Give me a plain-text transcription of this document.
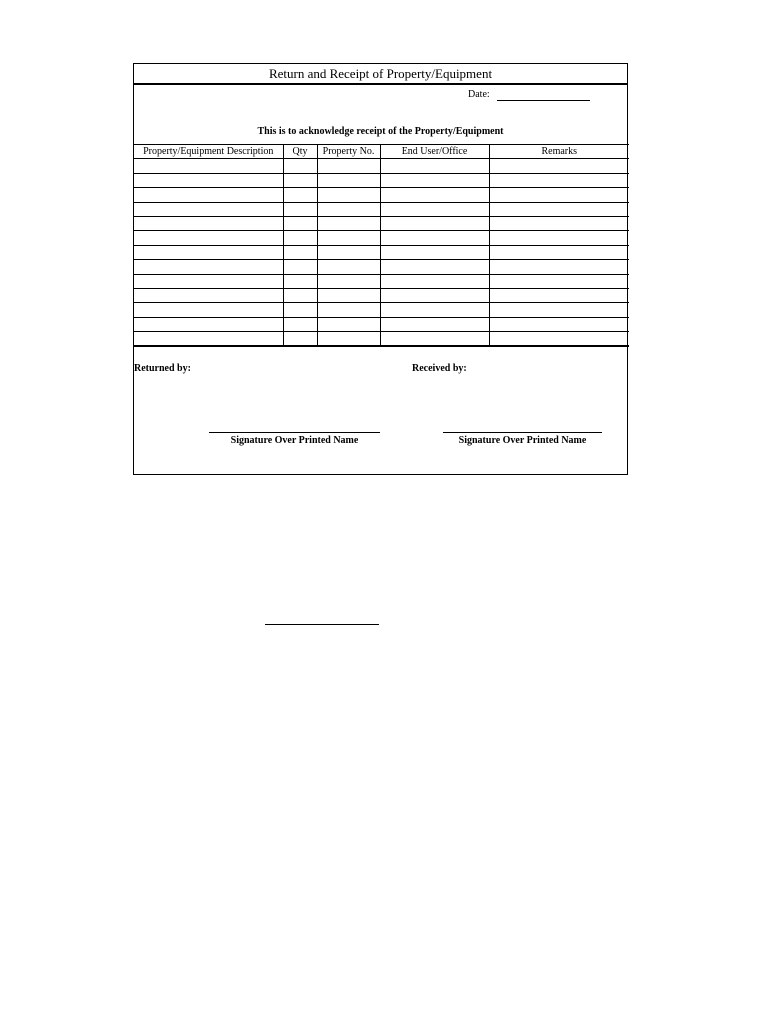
Return and Receipt of Property/Equipment
Date:
This is to acknowledge receipt of the Property/Equipment
Property/Equipment Description	Qty	Property No.	End User/Office	Remarks

Returned by:	Received by:
Signature Over Printed Name	Signature Over Printed Name
